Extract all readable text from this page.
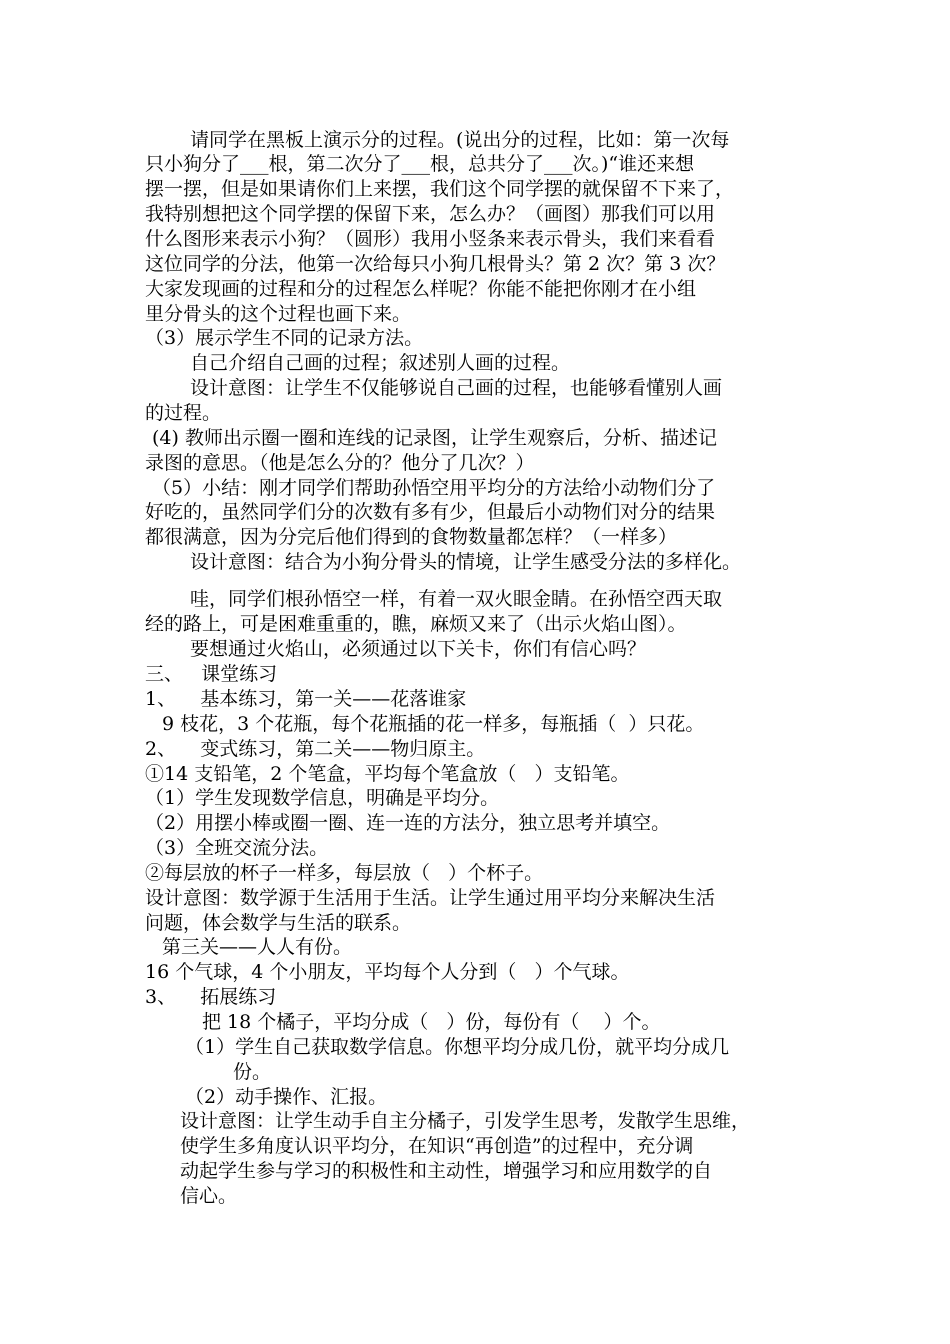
请同学在黑板上演示分的过程。(说出分的过程，比如：第一次每
只小狗分了___根，第二次分了___根，总共分了___次。)“谁还来想
摆一摆，但是如果请你们上来摆，我们这个同学摆的就保留不下来了，
我特别想把这个同学摆的保留下来，怎么办？（画图）那我们可以用
什么图形来表示小狗？（圆形）我用小竖条来表示骨头，我们来看看
这位同学的分法，他第一次给每只小狗几根骨头？第 2 次？第 3 次？
大家发现画的过程和分的过程怎么样呢？你能不能把你刚才在小组
里分骨头的这个过程也画下来。
（3）展示学生不同的记录方法。
自己介绍自己画的过程；叙述别人画的过程。
设计意图：让学生不仅能够说自己画的过程，也能够看懂别人画
的过程。
(4) 教师出示圈一圈和连线的记录图，让学生观察后，分析、描述记
录图的意思。（他是怎么分的？他分了几次？）
（5）小结：刚才同学们帮助孙悟空用平均分的方法给小动物们分了
好吃的，虽然同学们分的次数有多有少，但最后小动物们对分的结果
都很满意，因为分完后他们得到的食物数量都怎样？（一样多）
设计意图：结合为小狗分骨头的情境，让学生感受分法的多样化。
哇，同学们根孙悟空一样，有着一双火眼金睛。在孙悟空西天取
经的路上，可是困难重重的，瞧，麻烦又来了（出示火焰山图）。
要想通过火焰山，必须通过以下关卡，你们有信心吗？
三、   课堂练习
1、    基本练习，第一关——花落谁家
9 枝花，3 个花瓶，每个花瓶插的花一样多，每瓶插（  ）只花。
2、    变式练习，第二关——物归原主。
①14 支铅笔，2 个笔盒，平均每个笔盒放（   ）支铅笔。
（1）学生发现数学信息，明确是平均分。
（2）用摆小棒或圈一圈、连一连的方法分，独立思考并填空。
（3）全班交流分法。
②每层放的杯子一样多，每层放（   ）个杯子。
设计意图：数学源于生活用于生活。让学生通过用平均分来解决生活
问题，体会数学与生活的联系。
第三关——人人有份。
16 个气球，4 个小朋友，平均每个人分到（   ）个气球。
3、    拓展练习
把 18 个橘子，平均分成（   ）份，每份有（    ）个。
（1）学生自己获取数学信息。你想平均分成几份，就平均分成几
份。
（2）动手操作、汇报。
设计意图：让学生动手自主分橘子，引发学生思考，发散学生思维，
使学生多角度认识平均分，在知识“再创造”的过程中，充分调
动起学生参与学习的积极性和主动性，增强学习和应用数学的自
信心。
